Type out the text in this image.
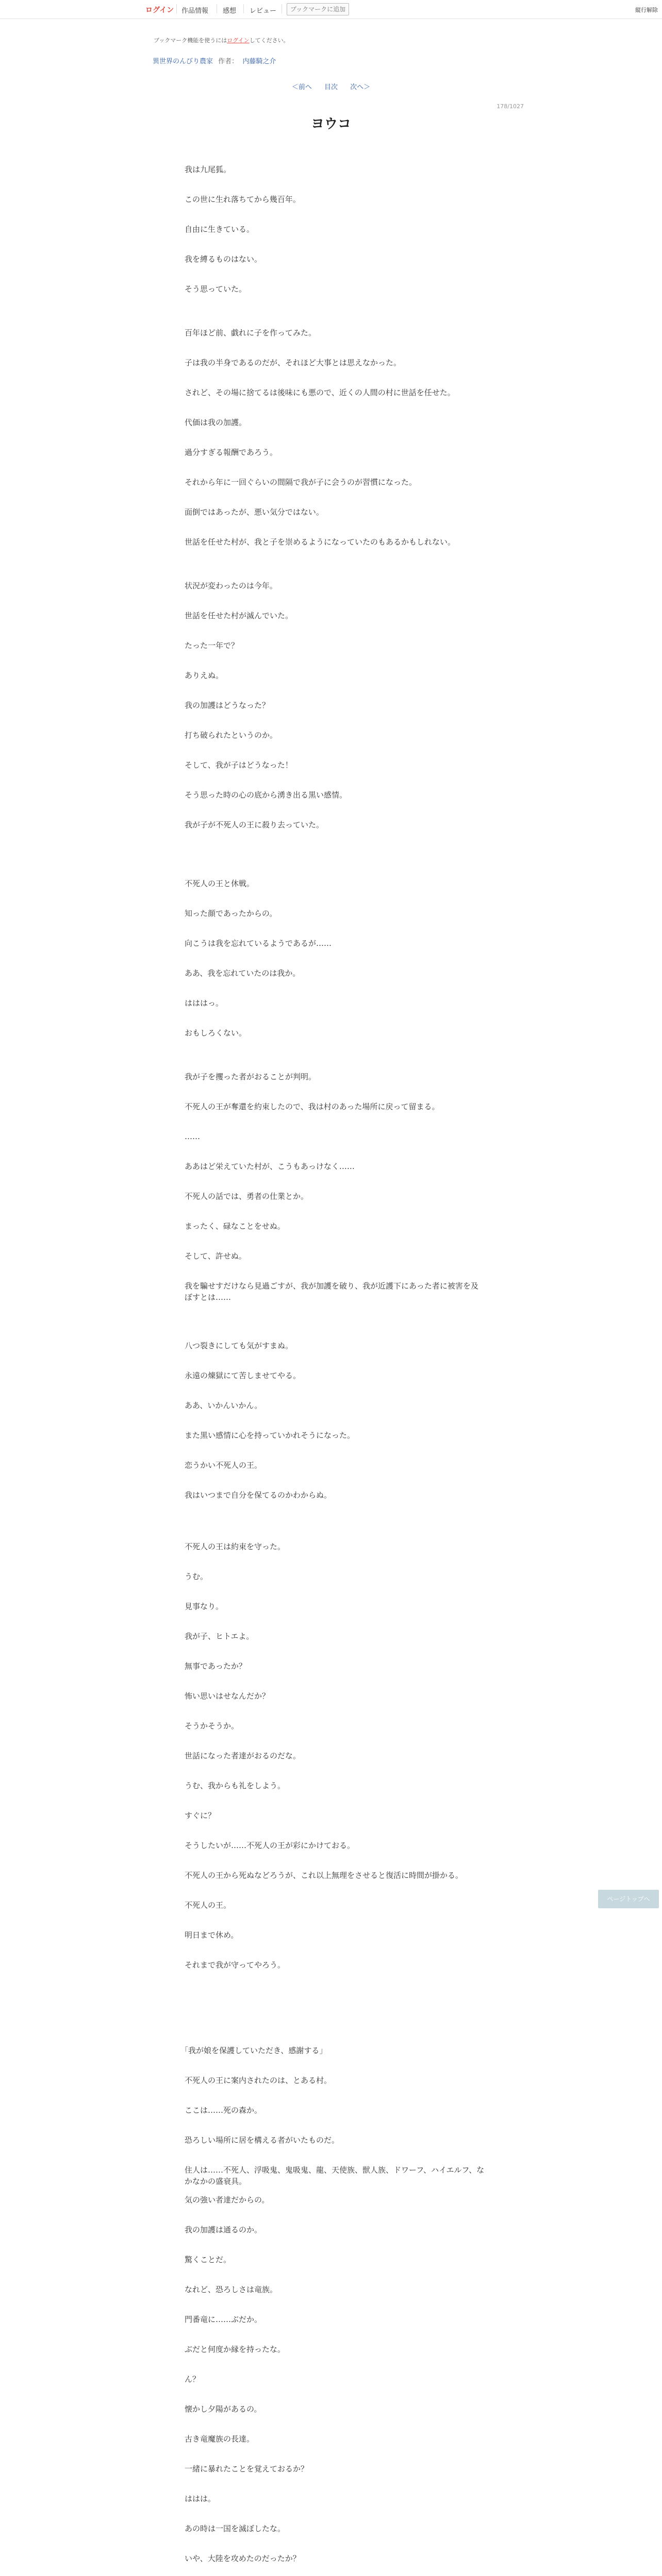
ログイン 作品情報 感想 レビュー	ブックマークに追加	縦行解除
ブックマーク機能を使うにはログインしてください。
異世界のんびり農家 作者： 内藤騎之介
＜前へ 目次 次へ＞
178/1027
ヨウコ
我は九尾狐。
この世に生れ落ちてから幾百年。
自由に生きている。
我を縛るものはない。
そう思っていた。
百年ほど前、戯れに子を作ってみた。
子は我の半身であるのだが、それほど大事とは思えなかった。
されど、その場に捨てるは後味にも悪ので、近くの人間の村に世話を任せた。
代価は我の加護。
過分すぎる報酬であろう。
それから年に一回ぐらいの間隔で我が子に会うのが習慣になった。
面倒ではあったが、悪い気分ではない。
世話を任せた村が、我と子を崇めるようになっていたのもあるかもしれない。
状況が変わったのは今年。
世話を任せた村が滅んでいた。
たった一年で？
ありえぬ。
我の加護はどうなった？
打ち破られたというのか。
そして、我が子はどうなった！
そう思った時の心の底から湧き出る黒い感情。
我が子が不死人の王に殺り去っていた。
不死人の王と休戦。
知った顔であったからの。
向こうは我を忘れているようであるが……
ああ、我を忘れていたのは我か。
はははっ。
おもしろくない。
我が子を攫った者がおることが判明。
不死人の王が奪還を約束したので、我は村のあった場所に戻って留まる。
……
ああはど栄えていた村が、こうもあっけなく……
不死人の話では、勇者の仕業とか。
まったく、碌なことをせぬ。
そして、許せぬ。
我を騙せすだけなら見過ごすが、我が加護を破り、我が近護下にあった者に被害を及ぼすとは……
八つ裂きにしても気がすまぬ。
永遠の煉獄にて苦しませてやる。
ああ、いかんいかん。
また黒い感情に心を持っていかれそうになった。
恋うかい不死人の王。
我はいつまで自分を保てるのかわからぬ。
不死人の王は約束を守った。
うむ。
見事なり。
我が子、ヒトエよ。
無事であったか？
怖い思いはせなんだか？
そうかそうか。
世話になった者達がおるのだな。
うむ、我からも礼をしよう。
すぐに？
そうしたいが……不死人の王が彩にかけておる。
不死人の王から死ぬなどろうが、これ以上無理をさせると復活に時間が掛かる。
不死人の王。
明日まで休め。
それまで我が守ってやろう。
「我が娘を保護していただき、感謝する」
不死人の王に案内されたのは、とある村。
ここは……死の森か。
恐ろしい場所に居を構える者がいたものだ。
住人は……不死人、浮吸鬼、鬼吸鬼、龍、天使族、獣人族、ドワーフ、ハイエルフ、なかなかの盛衰具。
気の強い者達だからの。
我の加護は通るのか。
驚くことだ。
なれど、恐ろしさは竜族。
門番竜に……ぶだか。
ぶだと何度か縁を持ったな。
ん？
懐かし夕陽があるの。
古き竜魔族の長達。
一緒に暴れたことを覚えておるか？
ははは。
あの時は一国を滅ぼしたな。
いや、大陸を攻めたのだったか？
ページトップへ
